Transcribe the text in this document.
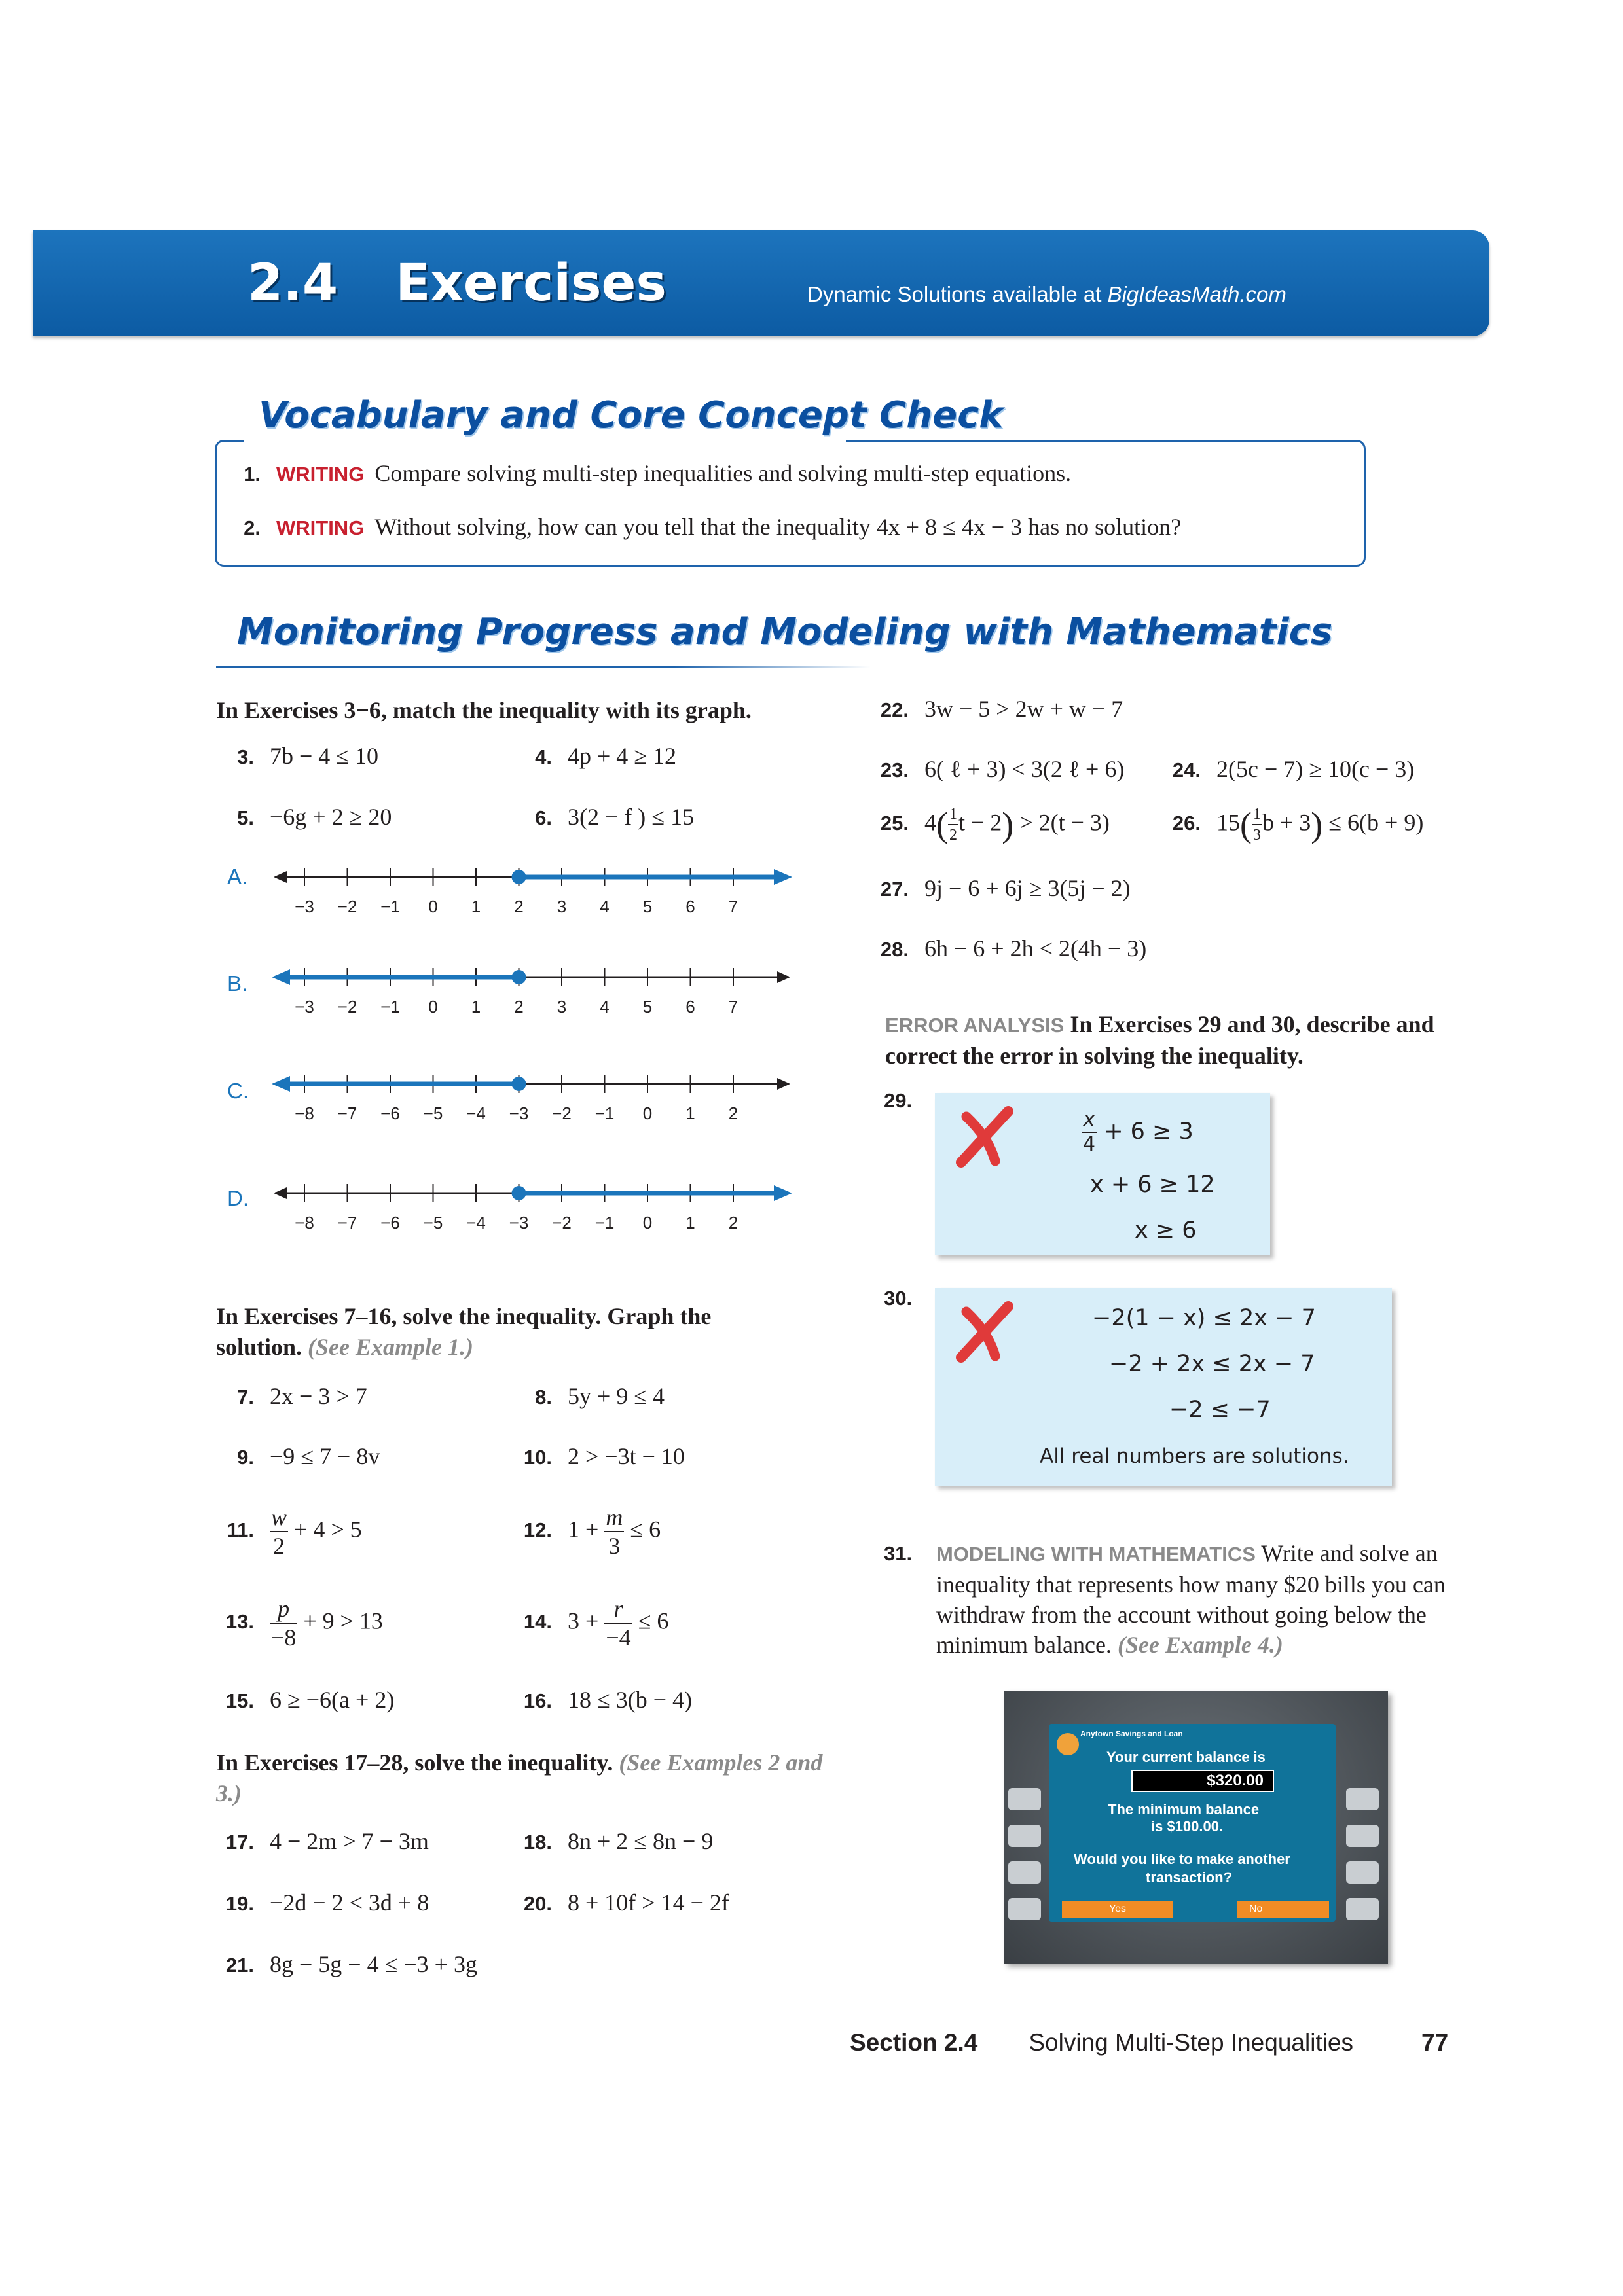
2.4 Exercises	Dynamic Solutions available at BigIdeasMath.com
Vocabulary and Core Concept Check
1. WRITING Compare solving multi-step inequalities and solving multi-step equations.
2. WRITING Without solving, how can you tell that the inequality 4x + 8 ≤ 4x − 3 has no solution?
Monitoring Progress and Modeling with Mathematics
In Exercises 3−6, match the inequality with its graph.
3. 7b − 4 ≤ 10	4. 4p + 4 ≥ 12
5. −6g + 2 ≥ 20	6. 3(2 − f ) ≤ 15
A.
−3 −2 −1 0 1 2 3 4 5 6 7
B.
−3 −2 −1 0 1 2 3 4 5 6 7
C.
−8 −7 −6 −5 −4 −3 −2 −1 0 1 2
D.
−8 −7 −6 −5 −4 −3 −2 −1 0 1 2
In Exercises 7–16, solve the inequality. Graph the solution. (See Example 1.)
7. 2x − 3 > 7	8. 5y + 9 ≤ 4
9. −9 ≤ 7 − 8v	10. 2 > −3t − 10
11. $\frac{w}{2} + 4 > 5$	12. $1 + \frac{m}{3} \le 6$
13. $\frac{p}{-8} + 9 > 13$	14. $3 + \frac{r}{-4} \le 6$
15. 6 ≥ −6(a + 2)	16. 18 ≤ 3(b − 4)
In Exercises 17–28, solve the inequality. (See Examples 2 and 3.)
17. 4 − 2m > 7 − 3m	18. 8n + 2 ≤ 8n − 9
19. −2d − 2 < 3d + 8	20. 8 + 10f > 14 − 2f
21. 8g − 5g − 4 ≤ −3 + 3g
22. 3w − 5 > 2w + w − 7
23. 6( ℓ + 3) < 3(2 ℓ + 6)	24. 2(5c − 7) ≥ 10(c − 3)
25. $4( \frac{1}{2}$ t − 2) > 2(t − 3)	26. $15( \frac{1}{3}$ b + 3) ≤ 6(b + 9)
27. 9j − 6 + 6j ≥ 3(5j − 2)
28. 6h − 6 + 2h < 2(4h − 3)
ERROR ANALYSIS In Exercises 29 and 30, describe and correct the error in solving the inequality.
29.
$\frac{x}{4} + 6 \ge 3$
x + 6 ≥ 12
x ≥ 6
30.
−2(1 − x) ≤ 2x − 7
−2 + 2x ≤ 2x − 7
−2 ≤ −7
All real numbers are solutions.
31. MODELING WITH MATHEMATICS Write and solve an inequality that represents how many $20 bills you can withdraw from the account without going below the minimum balance. (See Example 4.)
Anytown Savings and Loan
Your current balance is
$320.00
The minimum balance
is $100.00.
Would you like to make another
transaction?
Yes	No
Section 2.4 Solving Multi-Step Inequalities	77
